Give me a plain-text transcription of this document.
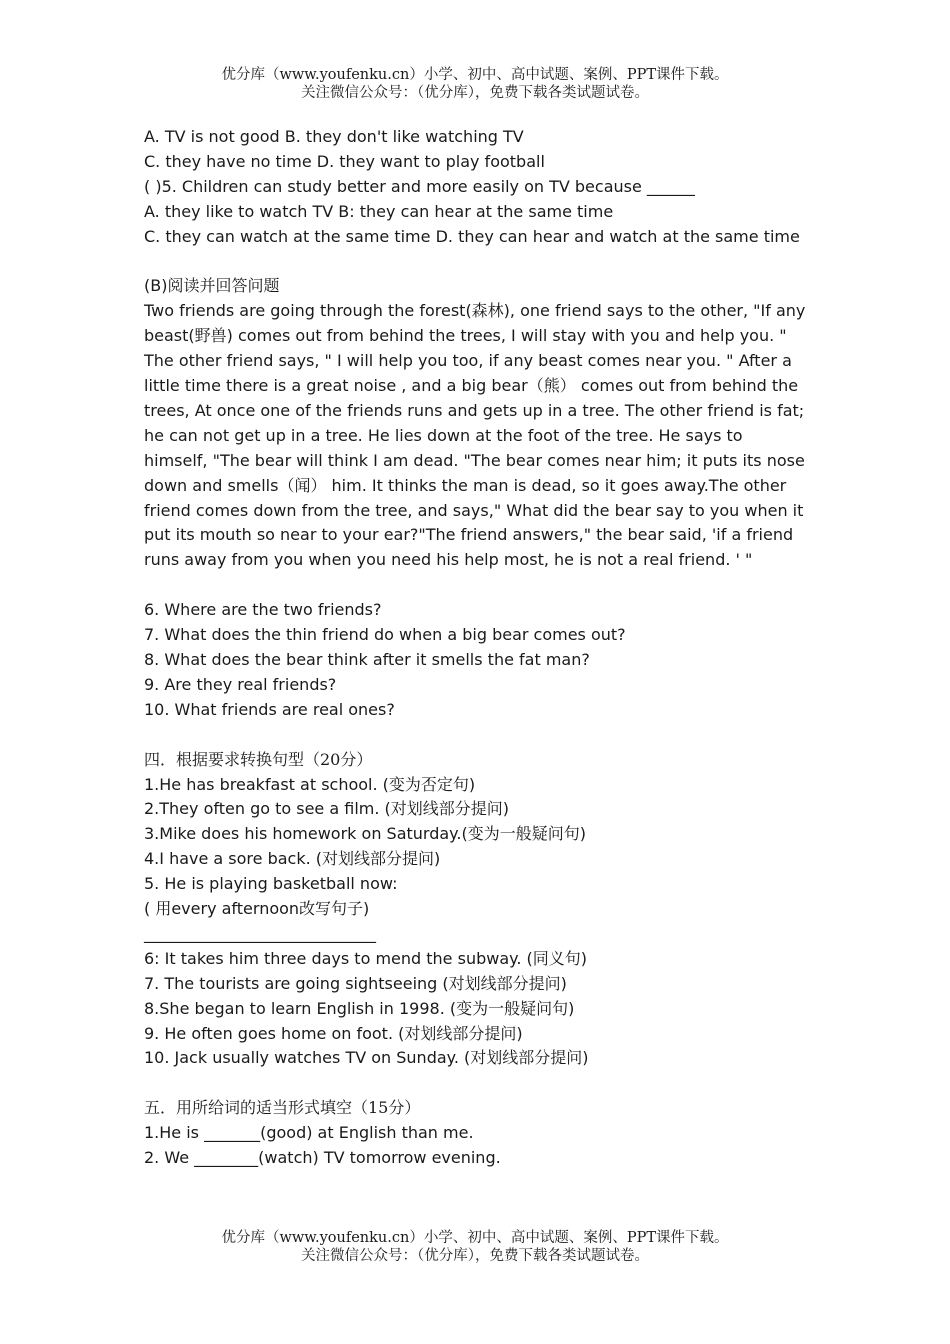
优分库（www.youfenku.cn）小学、初中、高中试题、案例、PPT课件下载。
关注微信公众号：（优分库），免费下载各类试题试卷。
A. TV is not good B. they don't like watching TV
C. they have no time D. they want to play football
( )5. Children can study better and more easily on TV because ______
A. they like to watch TV B: they can hear at the same time
C. they can watch at the same time D. they can hear and watch at the same time
(B)阅读并回答问题
Two friends are going through the forest(森林), one friend says to the other, "If any beast(野兽) comes out from behind the trees, I will stay with you and help you. " The other friend says, " I will help you too, if any beast comes near you. " After a little time there is a great noise , and a big bear（熊） comes out from behind the trees, At once one of the friends runs and gets up in a tree. The other friend is fat; he can not get up in a tree. He lies down at the foot of the tree. He says to himself, "The bear will think I am dead. "The bear comes near him; it puts its nose down and smells（闻） him. It thinks the man is dead, so it goes away.The other friend comes down from the tree, and says," What did the bear say to you when it put its mouth so near to your ear?"The friend answers," the bear said, 'if a friend runs away from you when you need his help most, he is not a real friend. ' "
6. Where are the two friends?
7. What does the thin friend do when a big bear comes out?
8. What does the bear think after it smells the fat man?
9. Are they real friends?
10. What friends are real ones?
四．根据要求转换句型（20分）
1.He has breakfast at school. (变为否定句)
2.They often go to see a film. (对划线部分提问)
3.Mike does his homework on Saturday.(变为一般疑问句)
4.I have a sore back. (对划线部分提问)
5. He is playing basketball now:
( 用every afternoon改写句子)
_____________________________
6: It takes him three days to mend the subway. (同义句)
7. The tourists are going sightseeing (对划线部分提问)
8.She began to learn English in 1998. (变为一般疑问句)
9. He often goes home on foot. (对划线部分提问)
10. Jack usually watches TV on Sunday. (对划线部分提问)
五．用所给词的适当形式填空（15分）
1.He is _______(good) at English than me.
2. We ________(watch) TV tomorrow evening.
优分库（www.youfenku.cn）小学、初中、高中试题、案例、PPT课件下载。
关注微信公众号：（优分库），免费下载各类试题试卷。
